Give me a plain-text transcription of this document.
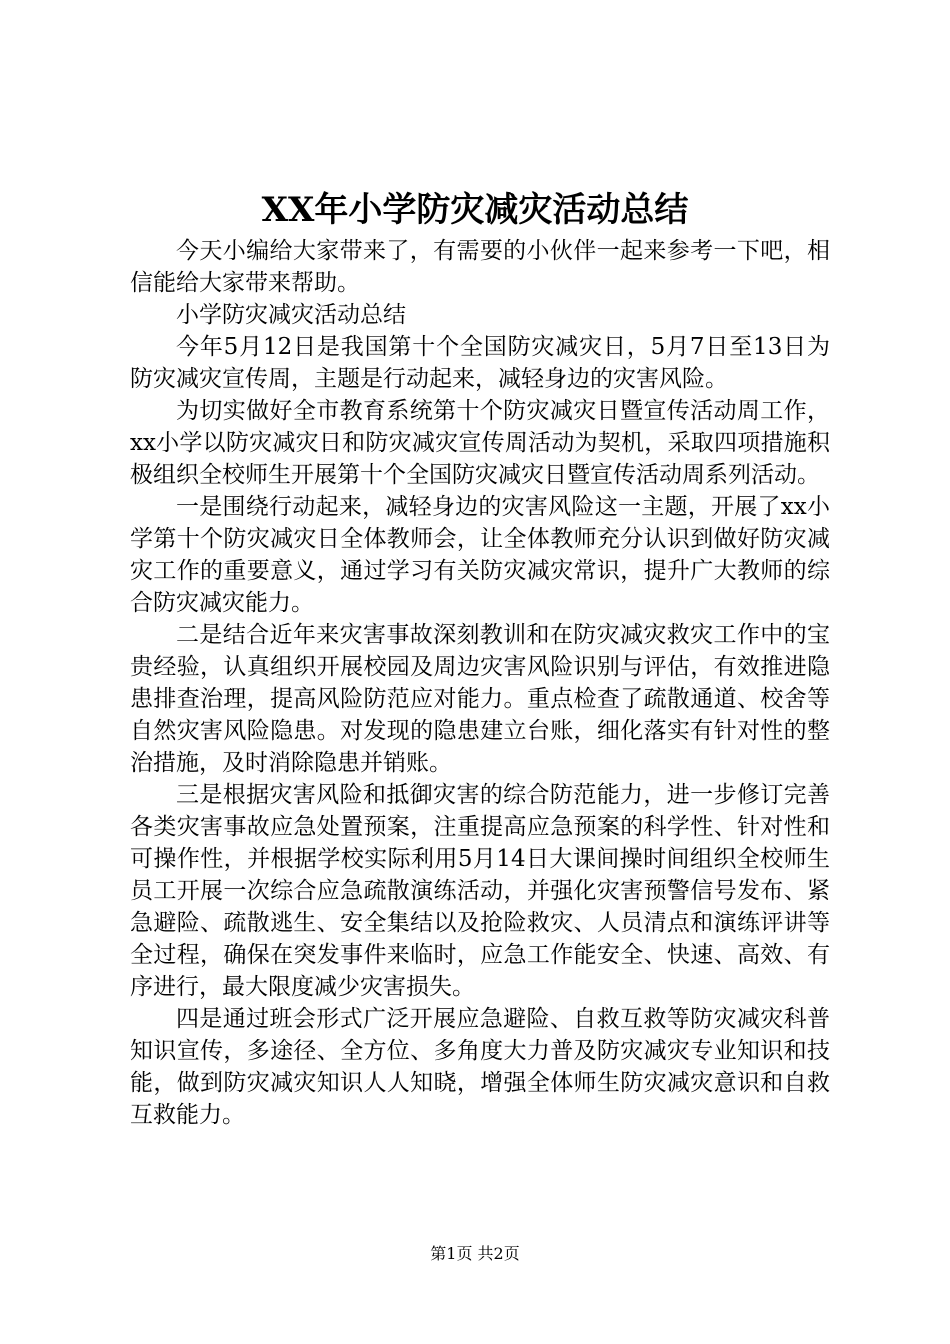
XX年小学防灾减灾活动总结

今天小编给大家带来了，有需要的小伙伴一起来参考一下吧，相信能给大家带来帮助。

小学防灾减灾活动总结

今年5月12日是我国第十个全国防灾减灾日，5月7日至13日为防灾减灾宣传周，主题是行动起来，减轻身边的灾害风险。

为切实做好全市教育系统第十个防灾减灾日暨宣传活动周工作，xx小学以防灾减灾日和防灾减灾宣传周活动为契机，采取四项措施积极组织全校师生开展第十个全国防灾减灾日暨宣传活动周系列活动。

一是围绕行动起来，减轻身边的灾害风险这一主题，开展了xx小学第十个防灾减灾日全体教师会，让全体教师充分认识到做好防灾减灾工作的重要意义，通过学习有关防灾减灾常识，提升广大教师的综合防灾减灾能力。

二是结合近年来灾害事故深刻教训和在防灾减灾救灾工作中的宝贵经验，认真组织开展校园及周边灾害风险识别与评估，有效推进隐患排查治理，提高风险防范应对能力。重点检查了疏散通道、校舍等自然灾害风险隐患。对发现的隐患建立台账，细化落实有针对性的整治措施，及时消除隐患并销账。

三是根据灾害风险和抵御灾害的综合防范能力，进一步修订完善各类灾害事故应急处置预案，注重提高应急预案的科学性、针对性和可操作性，并根据学校实际利用5月14日大课间操时间组织全校师生员工开展一次综合应急疏散演练活动，并强化灾害预警信号发布、紧急避险、疏散逃生、安全集结以及抢险救灾、人员清点和演练评讲等全过程，确保在突发事件来临时，应急工作能安全、快速、高效、有序进行，最大限度减少灾害损失。

四是通过班会形式广泛开展应急避险、自救互救等防灾减灾科普知识宣传，多途径、全方位、多角度大力普及防灾减灾专业知识和技能，做到防灾减灾知识人人知晓，增强全体师生防灾减灾意识和自救互救能力。

第1页 共2页
